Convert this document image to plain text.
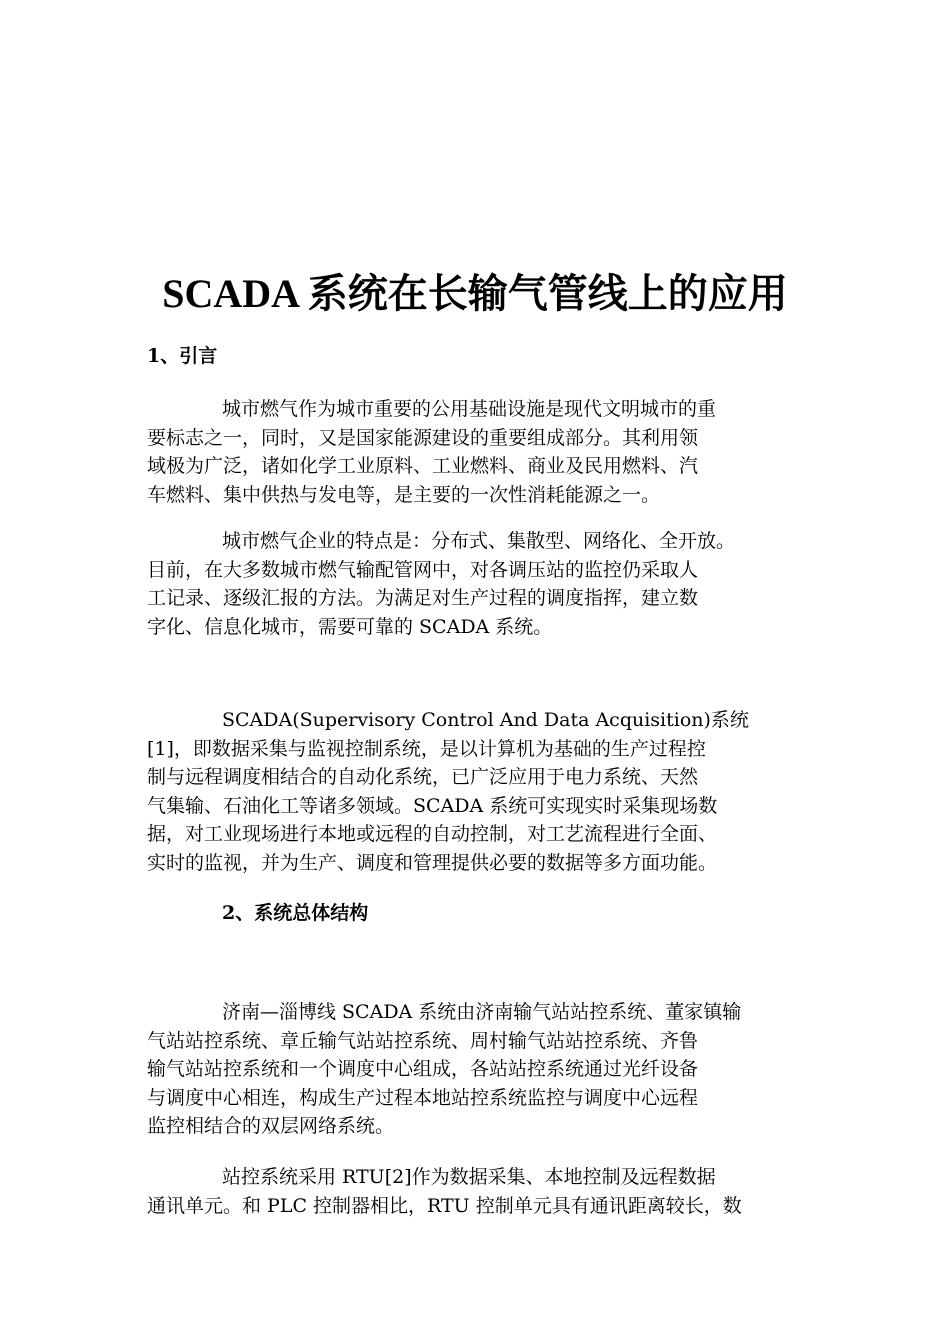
SCADA 系统在长输气管线上的应用
1、引言
城市燃气作为城市重要的公用基础设施是现代文明城市的重
要标志之一，同时，又是国家能源建设的重要组成部分。其利用领
域极为广泛，诸如化学工业原料、工业燃料、商业及民用燃料、汽
车燃料、集中供热与发电等，是主要的一次性消耗能源之一。
城市燃气企业的特点是：分布式、集散型、网络化、全开放。
目前，在大多数城市燃气输配管网中，对各调压站的监控仍采取人
工记录、逐级汇报的方法。为满足对生产过程的调度指挥，建立数
字化、信息化城市，需要可靠的 SCADA 系统。
SCADA(Supervisory Control And Data Acquisition)系统
[1]，即数据采集与监视控制系统，是以计算机为基础的生产过程控
制与远程调度相结合的自动化系统，已广泛应用于电力系统、天然
气集输、石油化工等诸多领域。SCADA 系统可实现实时采集现场数
据，对工业现场进行本地或远程的自动控制，对工艺流程进行全面、
实时的监视，并为生产、调度和管理提供必要的数据等多方面功能。
2、系统总体结构
济南—淄博线 SCADA 系统由济南输气站站控系统、董家镇输
气站站控系统、章丘输气站站控系统、周村输气站站控系统、齐鲁
输气站站控系统和一个调度中心组成，各站站控系统通过光纤设备
与调度中心相连，构成生产过程本地站控系统监控与调度中心远程
监控相结合的双层网络系统。
站控系统采用 RTU[2]作为数据采集、本地控制及远程数据
通讯单元。和 PLC 控制器相比，RTU 控制单元具有通讯距离较长，数
